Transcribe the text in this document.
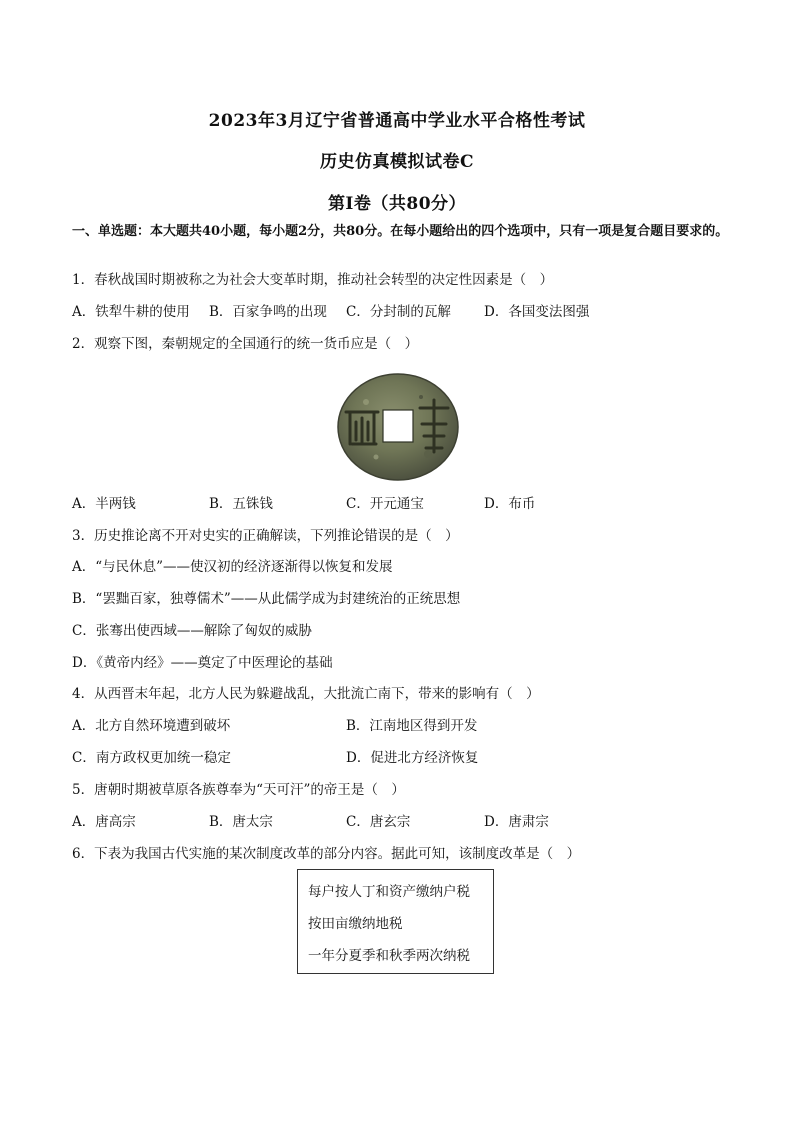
2023年3月辽宁省普通高中学业水平合格性考试
历史仿真模拟试卷C
第I卷（共80分）
一、单选题：本大题共40小题，每小题2分，共80分。在每小题给出的四个选项中，只有一项是复合题目要求的。
1．春秋战国时期被称之为社会大变革时期，推动社会转型的决定性因素是（　）
A．铁犁牛耕的使用 B．百家争鸣的出现 C．分封制的瓦解 D．各国变法图强
2．观察下图，秦朝规定的全国通行的统一货币应是（　）
A．半两钱	B．五铢钱	C．开元通宝	D．布币
3．历史推论离不开对史实的正确解读，下列推论错误的是（　）
A．“与民休息”——使汉初的经济逐渐得以恢复和发展
B．“罢黜百家，独尊儒术”——从此儒学成为封建统治的正统思想
C．张骞出使西域——解除了匈奴的威胁
D．《黄帝内经》——奠定了中医理论的基础
4．从西晋末年起，北方人民为躲避战乱，大批流亡南下，带来的影响有（　）
A．北方自然环境遭到破坏	B．江南地区得到开发
C．南方政权更加统一稳定	D．促进北方经济恢复
5．唐朝时期被草原各族尊奉为“天可汗”的帝王是（　）
A．唐高宗	B．唐太宗	C．唐玄宗	D．唐肃宗
6．下表为我国古代实施的某次制度改革的部分内容。据此可知，该制度改革是（　）
每户按人丁和资产缴纳户税
按田亩缴纳地税
一年分夏季和秋季两次纳税
